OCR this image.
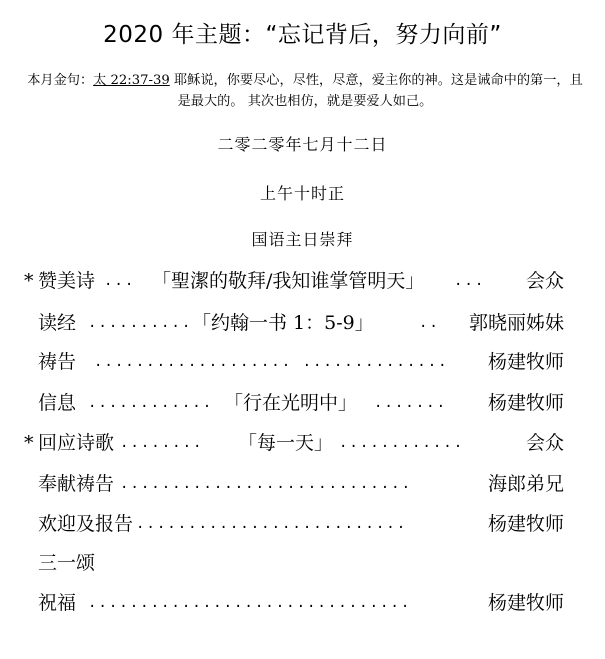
2020 年主题：“忘记背后，努力向前”
本月金句：太 22:37-39 耶稣说，你要尽心，尽性，尽意，爱主你的神。这是诫命中的第一，且是最大的。 其次也相仿，就是要爱人如己。
二零二零年七月十二日
上午十时正
国语主日崇拜
* 赞美诗 ... 「聖潔的敬拜/我知谁掌管明天」 ... 会众
读经 .......... 「约翰一书 1：5-9」	.. 郭晓丽姊妹
祷告 ................... ..............	杨建牧师
信息 ............ 「行在光明中」 .......	杨建牧师
* 回应诗歌 ........	「每一天」 ............	会众
奉献祷告 ............................	海郎弟兄
欢迎及报告 ..........................	杨建牧师
三一颂
祝福 ...............................	杨建牧师
